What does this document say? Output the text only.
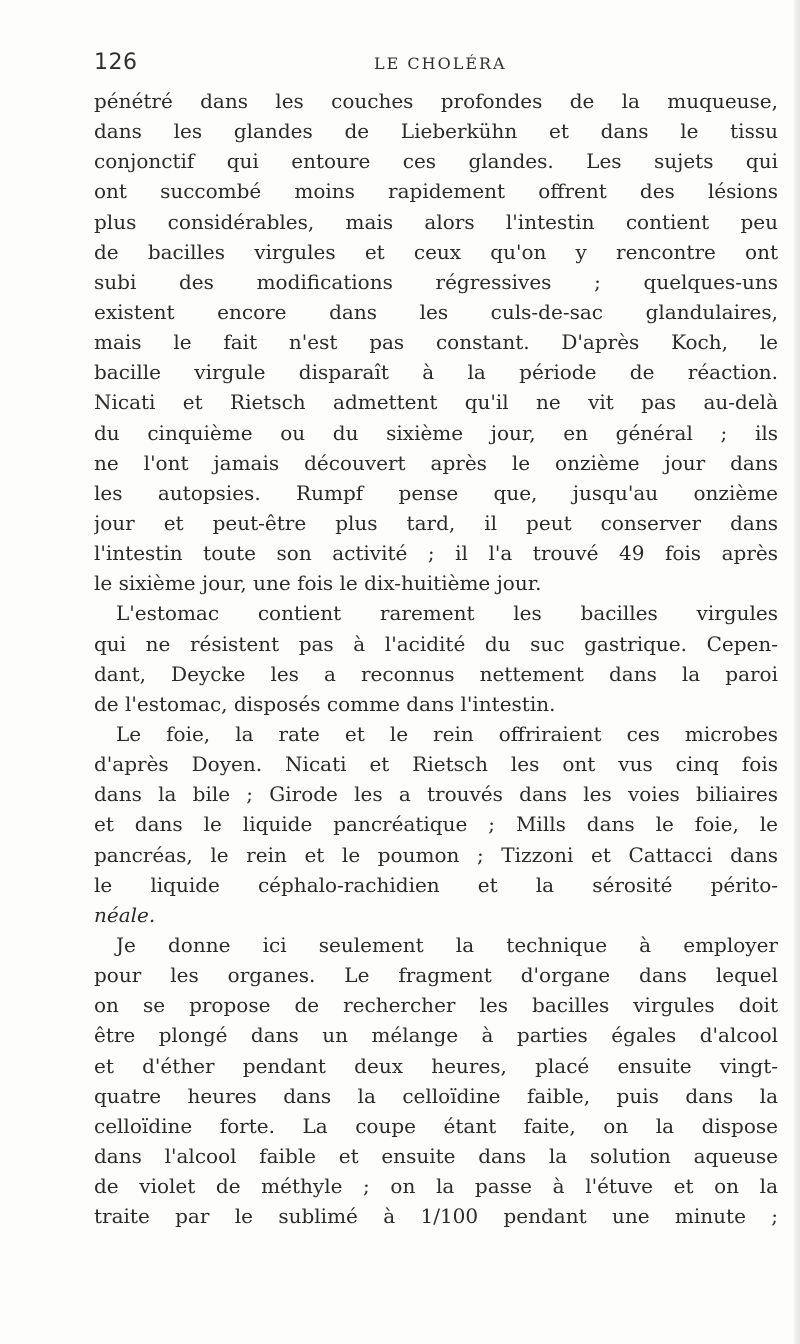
126	LE CHOLÉRA
pénétré dans les couches profondes de la muqueuse,
dans les glandes de Lieberkühn et dans le tissu
conjonctif qui entoure ces glandes. Les sujets qui
ont succombé moins rapidement offrent des lésions
plus considérables, mais alors l'intestin contient peu
de bacilles virgules et ceux qu'on y rencontre ont
subi des modifications régressives ; quelques-uns
existent encore dans les culs-de-sac glandulaires,
mais le fait n'est pas constant. D'après Koch, le
bacille virgule disparaît à la période de réaction.
Nicati et Rietsch admettent qu'il ne vit pas au-delà
du cinquième ou du sixième jour, en général ; ils
ne l'ont jamais découvert après le onzième jour dans
les autopsies. Rumpf pense que, jusqu'au onzième
jour et peut-être plus tard, il peut conserver dans
l'intestin toute son activité ; il l'a trouvé 49 fois après
le sixième jour, une fois le dix-huitième jour.
L'estomac contient rarement les bacilles virgules
qui ne résistent pas à l'acidité du suc gastrique. Cepen-
dant, Deycke les a reconnus nettement dans la paroi
de l'estomac, disposés comme dans l'intestin.
Le foie, la rate et le rein offriraient ces microbes
d'après Doyen. Nicati et Rietsch les ont vus cinq fois
dans la bile ; Girode les a trouvés dans les voies biliaires
et dans le liquide pancréatique ; Mills dans le foie, le
pancréas, le rein et le poumon ; Tizzoni et Cattacci dans
le liquide céphalo-rachidien et la sérosité périto-
néale.
Je donne ici seulement la technique à employer
pour les organes. Le fragment d'organe dans lequel
on se propose de rechercher les bacilles virgules doit
être plongé dans un mélange à parties égales d'alcool
et d'éther pendant deux heures, placé ensuite vingt-
quatre heures dans la celloïdine faible, puis dans la
celloïdine forte. La coupe étant faite, on la dispose
dans l'alcool faible et ensuite dans la solution aqueuse
de violet de méthyle ; on la passe à l'étuve et on la
traite par le sublimé à 1/100 pendant une minute ;
